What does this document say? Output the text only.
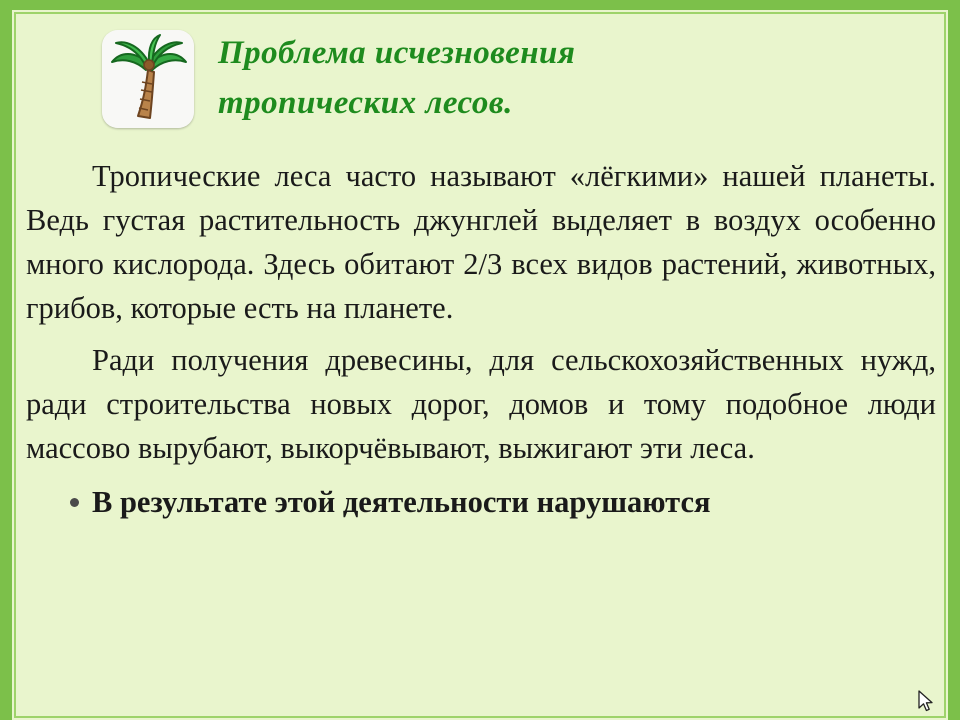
Проблема исчезновения
тропических лесов.

Тропические леса часто называют «лёгкими» нашей планеты. Ведь густая растительность джунглей выделяет в воздух особенно много кислорода. Здесь обитают 2/3 всех видов растений, животных, грибов, которые есть на планете.

Ради получения древесины, для сельскохозяйственных нужд, ради строительства новых дорог, домов и тому подобное люди массово вырубают, выкорчёвывают, выжигают эти леса.

В результате этой деятельности нарушаются
